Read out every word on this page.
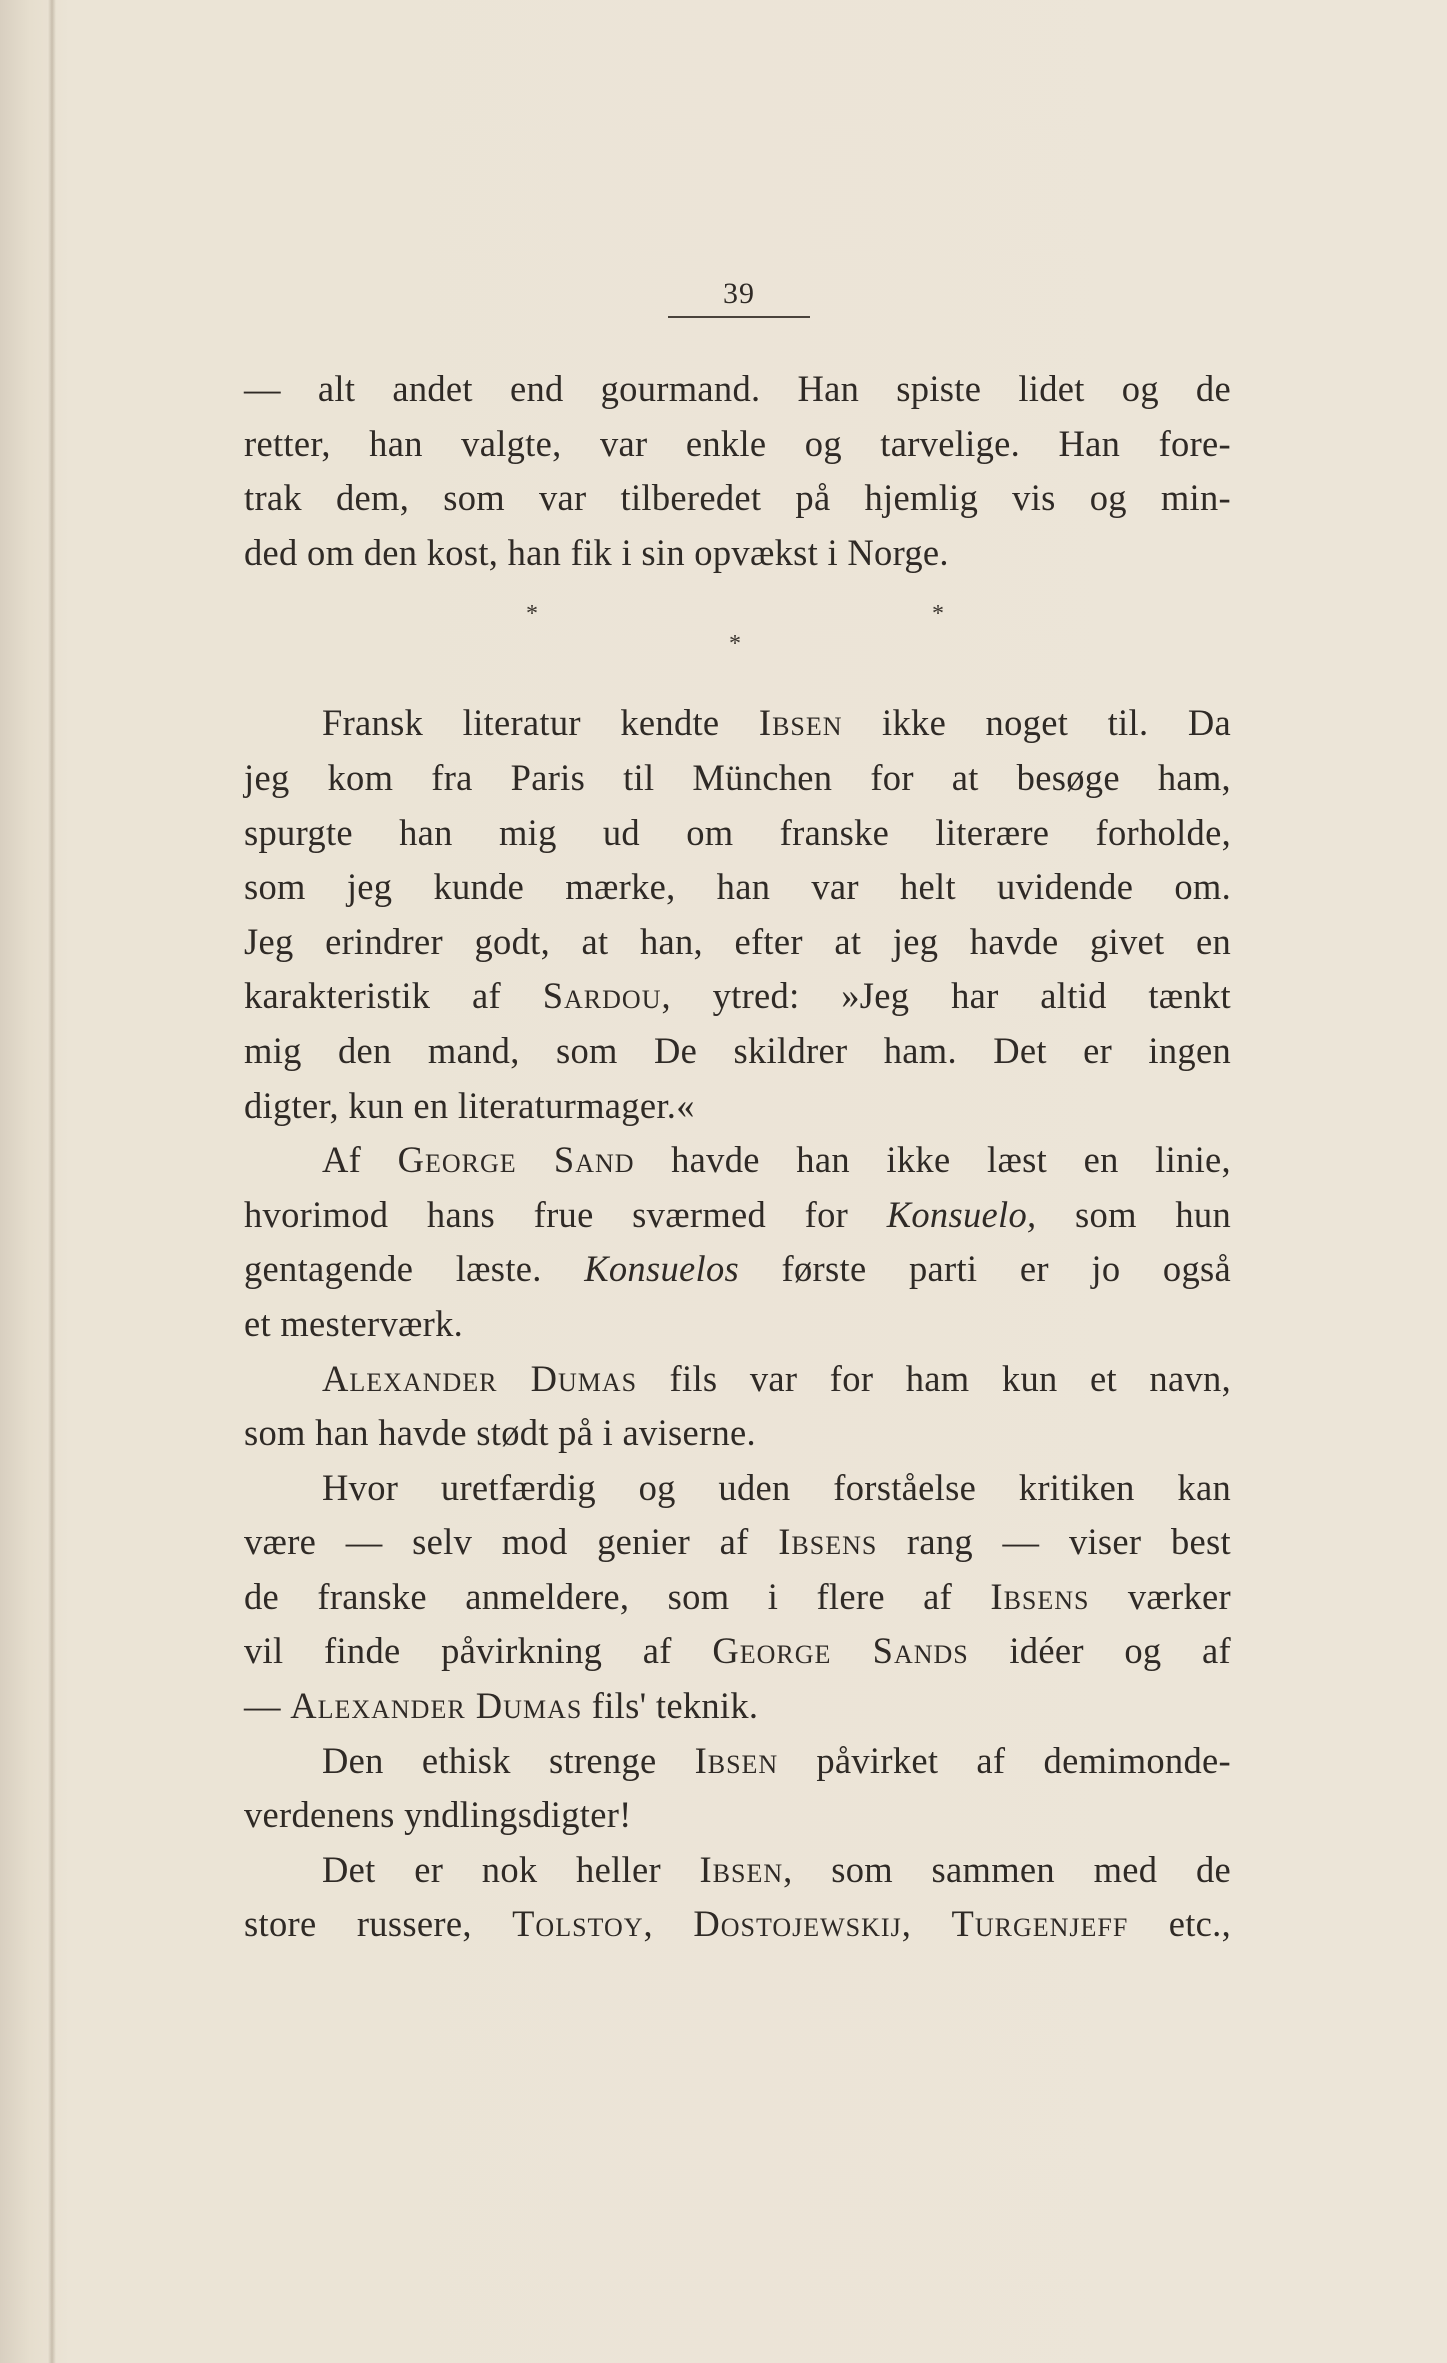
39
— alt andet end gourmand. Han spiste lidet og de
retter, han valgte, var enkle og tarvelige. Han fore-
trak dem, som var tilberedet på hjemlig vis og min-
ded om den kost, han fik i sin opvækst i Norge.
*
*
*
Fransk literatur kendte Ibsen ikke noget til. Da
jeg kom fra Paris til München for at besøge ham,
spurgte han mig ud om franske literære forholde,
som jeg kunde mærke, han var helt uvidende om.
Jeg erindrer godt, at han, efter at jeg havde givet en
karakteristik af Sardou, ytred: »Jeg har altid tænkt
mig den mand, som De skildrer ham. Det er ingen
digter, kun en literaturmager.«
Af George Sand havde han ikke læst en linie,
hvorimod hans frue sværmed for Konsuelo, som hun
gentagende læste. Konsuelos første parti er jo også
et mesterværk.
Alexander Dumas fils var for ham kun et navn,
som han havde stødt på i aviserne.
Hvor uretfærdig og uden forståelse kritiken kan
være — selv mod genier af Ibsens rang — viser best
de franske anmeldere, som i flere af Ibsens værker
vil finde påvirkning af George Sands idéer og af
— Alexander Dumas fils' teknik.
Den ethisk strenge Ibsen påvirket af demimonde-
verdenens yndlingsdigter!
Det er nok heller Ibsen, som sammen med de
store russere, Tolstoy, Dostojewskij, Turgenjeff etc.,
